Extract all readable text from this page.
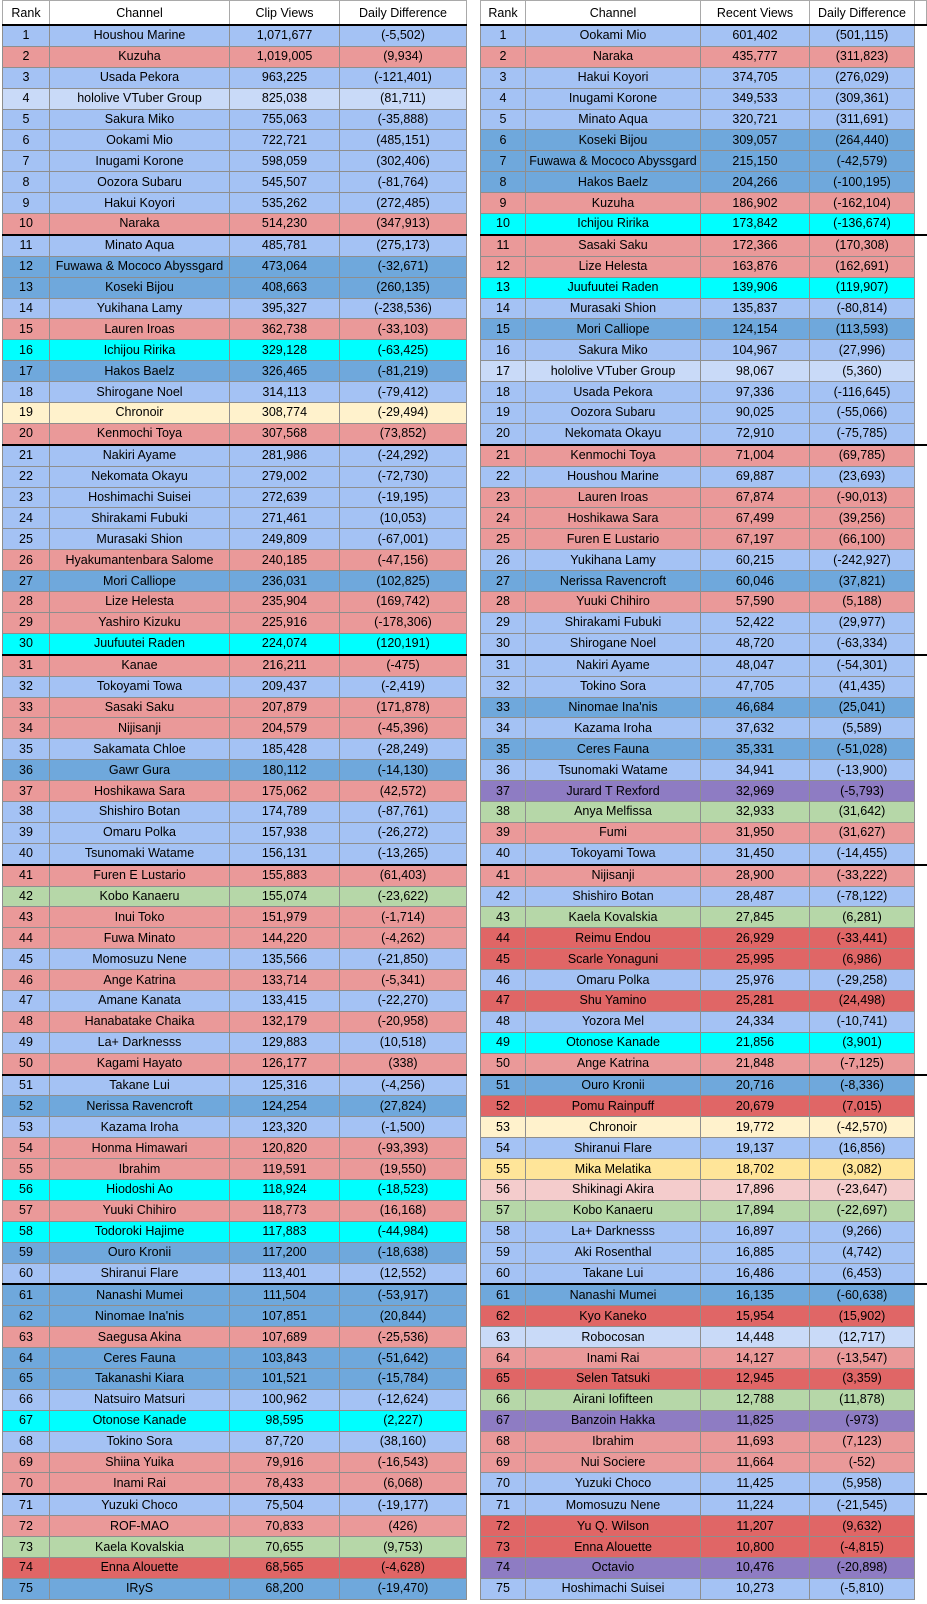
Rank	Channel	Clip Views	Daily Difference
1	Houshou Marine	1,071,677	(-5,502)
2	Kuzuha	1,019,005	(9,934)
3	Usada Pekora	963,225	(-121,401)
4	hololive VTuber Group	825,038	(81,711)
5	Sakura Miko	755,063	(-35,888)
6	Ookami Mio	722,721	(485,151)
7	Inugami Korone	598,059	(302,406)
8	Oozora Subaru	545,507	(-81,764)
9	Hakui Koyori	535,262	(272,485)
10	Naraka	514,230	(347,913)
11	Minato Aqua	485,781	(275,173)
12	Fuwawa & Mococo Abyssgard	473,064	(-32,671)
13	Koseki Bijou	408,663	(260,135)
14	Yukihana Lamy	395,327	(-238,536)
15	Lauren Iroas	362,738	(-33,103)
16	Ichijou Ririka	329,128	(-63,425)
17	Hakos Baelz	326,465	(-81,219)
18	Shirogane Noel	314,113	(-79,412)
19	Chronoir	308,774	(-29,494)
20	Kenmochi Toya	307,568	(73,852)
21	Nakiri Ayame	281,986	(-24,292)
22	Nekomata Okayu	279,002	(-72,730)
23	Hoshimachi Suisei	272,639	(-19,195)
24	Shirakami Fubuki	271,461	(10,053)
25	Murasaki Shion	249,809	(-67,001)
26	Hyakumantenbara Salome	240,185	(-47,156)
27	Mori Calliope	236,031	(102,825)
28	Lize Helesta	235,904	(169,742)
29	Yashiro Kizuku	225,916	(-178,306)
30	Juufuutei Raden	224,074	(120,191)
31	Kanae	216,211	(-475)
32	Tokoyami Towa	209,437	(-2,419)
33	Sasaki Saku	207,879	(171,878)
34	Nijisanji	204,579	(-45,396)
35	Sakamata Chloe	185,428	(-28,249)
36	Gawr Gura	180,112	(-14,130)
37	Hoshikawa Sara	175,062	(42,572)
38	Shishiro Botan	174,789	(-87,761)
39	Omaru Polka	157,938	(-26,272)
40	Tsunomaki Watame	156,131	(-13,265)
41	Furen E Lustario	155,883	(61,403)
42	Kobo Kanaeru	155,074	(-23,622)
43	Inui Toko	151,979	(-1,714)
44	Fuwa Minato	144,220	(-4,262)
45	Momosuzu Nene	135,566	(-21,850)
46	Ange Katrina	133,714	(-5,341)
47	Amane Kanata	133,415	(-22,270)
48	Hanabatake Chaika	132,179	(-20,958)
49	La+ Darknesss	129,883	(10,518)
50	Kagami Hayato	126,177	(338)
51	Takane Lui	125,316	(-4,256)
52	Nerissa Ravencroft	124,254	(27,824)
53	Kazama Iroha	123,320	(-1,500)
54	Honma Himawari	120,820	(-93,393)
55	Ibrahim	119,591	(19,550)
56	Hiodoshi Ao	118,924	(-18,523)
57	Yuuki Chihiro	118,773	(16,168)
58	Todoroki Hajime	117,883	(-44,984)
59	Ouro Kronii	117,200	(-18,638)
60	Shiranui Flare	113,401	(12,552)
61	Nanashi Mumei	111,504	(-53,917)
62	Ninomae Ina'nis	107,851	(20,844)
63	Saegusa Akina	107,689	(-25,536)
64	Ceres Fauna	103,843	(-51,642)
65	Takanashi Kiara	101,521	(-15,784)
66	Natsuiro Matsuri	100,962	(-12,624)
67	Otonose Kanade	98,595	(2,227)
68	Tokino Sora	87,720	(38,160)
69	Shiina Yuika	79,916	(-16,543)
70	Inami Rai	78,433	(6,068)
71	Yuzuki Choco	75,504	(-19,177)
72	ROF-MAO	70,833	(426)
73	Kaela Kovalskia	70,655	(9,753)
74	Enna Alouette	68,565	(-4,628)
75	IRyS	68,200	(-19,470)
Rank	Channel	Recent Views	Daily Difference	
1	Ookami Mio	601,402	(501,115)	
2	Naraka	435,777	(311,823)	
3	Hakui Koyori	374,705	(276,029)	
4	Inugami Korone	349,533	(309,361)	
5	Minato Aqua	320,721	(311,691)	
6	Koseki Bijou	309,057	(264,440)	
7	Fuwawa & Mococo Abyssgard	215,150	(-42,579)	
8	Hakos Baelz	204,266	(-100,195)	
9	Kuzuha	186,902	(-162,104)	
10	Ichijou Ririka	173,842	(-136,674)	
11	Sasaki Saku	172,366	(170,308)	
12	Lize Helesta	163,876	(162,691)	
13	Juufuutei Raden	139,906	(119,907)	
14	Murasaki Shion	135,837	(-80,814)	
15	Mori Calliope	124,154	(113,593)	
16	Sakura Miko	104,967	(27,996)	
17	hololive VTuber Group	98,067	(5,360)	
18	Usada Pekora	97,336	(-116,645)	
19	Oozora Subaru	90,025	(-55,066)	
20	Nekomata Okayu	72,910	(-75,785)	
21	Kenmochi Toya	71,004	(69,785)	
22	Houshou Marine	69,887	(23,693)	
23	Lauren Iroas	67,874	(-90,013)	
24	Hoshikawa Sara	67,499	(39,256)	
25	Furen E Lustario	67,197	(66,100)	
26	Yukihana Lamy	60,215	(-242,927)	
27	Nerissa Ravencroft	60,046	(37,821)	
28	Yuuki Chihiro	57,590	(5,188)	
29	Shirakami Fubuki	52,422	(29,977)	
30	Shirogane Noel	48,720	(-63,334)	
31	Nakiri Ayame	48,047	(-54,301)	
32	Tokino Sora	47,705	(41,435)	
33	Ninomae Ina'nis	46,684	(25,041)	
34	Kazama Iroha	37,632	(5,589)	
35	Ceres Fauna	35,331	(-51,028)	
36	Tsunomaki Watame	34,941	(-13,900)	
37	Jurard T Rexford	32,969	(-5,793)	
38	Anya Melfissa	32,933	(31,642)	
39	Fumi	31,950	(31,627)	
40	Tokoyami Towa	31,450	(-14,455)	
41	Nijisanji	28,900	(-33,222)	
42	Shishiro Botan	28,487	(-78,122)	
43	Kaela Kovalskia	27,845	(6,281)	
44	Reimu Endou	26,929	(-33,441)	
45	Scarle Yonaguni	25,995	(6,986)	
46	Omaru Polka	25,976	(-29,258)	
47	Shu Yamino	25,281	(24,498)	
48	Yozora Mel	24,334	(-10,741)	
49	Otonose Kanade	21,856	(3,901)	
50	Ange Katrina	21,848	(-7,125)	
51	Ouro Kronii	20,716	(-8,336)	
52	Pomu Rainpuff	20,679	(7,015)	
53	Chronoir	19,772	(-42,570)	
54	Shiranui Flare	19,137	(16,856)	
55	Mika Melatika	18,702	(3,082)	
56	Shikinagi Akira	17,896	(-23,647)	
57	Kobo Kanaeru	17,894	(-22,697)	
58	La+ Darknesss	16,897	(9,266)	
59	Aki Rosenthal	16,885	(4,742)	
60	Takane Lui	16,486	(6,453)	
61	Nanashi Mumei	16,135	(-60,638)	
62	Kyo Kaneko	15,954	(15,902)	
63	Robocosan	14,448	(12,717)	
64	Inami Rai	14,127	(-13,547)	
65	Selen Tatsuki	12,945	(3,359)	
66	Airani Iofifteen	12,788	(11,878)	
67	Banzoin Hakka	11,825	(-973)	
68	Ibrahim	11,693	(7,123)	
69	Nui Sociere	11,664	(-52)	
70	Yuzuki Choco	11,425	(5,958)	
71	Momosuzu Nene	11,224	(-21,545)	
72	Yu Q. Wilson	11,207	(9,632)	
73	Enna Alouette	10,800	(-4,815)	
74	Octavio	10,476	(-20,898)	
75	Hoshimachi Suisei	10,273	(-5,810)	
